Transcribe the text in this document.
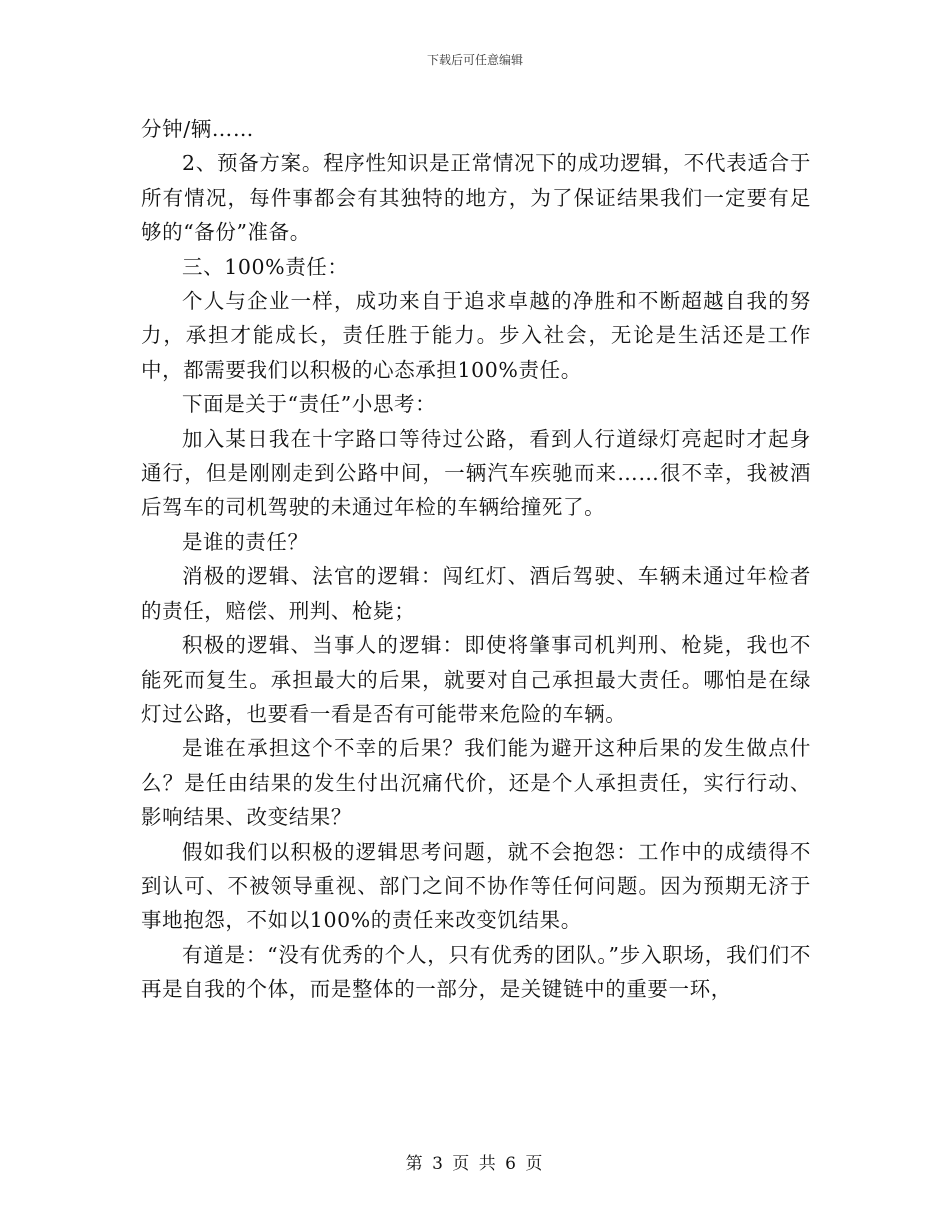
下载后可任意编辑

分钟/辆……

2、预备方案。程序性知识是正常情况下的成功逻辑，不代表适合于所有情况，每件事都会有其独特的地方，为了保证结果我们一定要有足够的“备份”准备。

三、100%责任：

个人与企业一样，成功来自于追求卓越的净胜和不断超越自我的努力，承担才能成长，责任胜于能力。步入社会，无论是生活还是工作中，都需要我们以积极的心态承担100%责任。

下面是关于“责任”小思考：

加入某日我在十字路口等待过公路，看到人行道绿灯亮起时才起身通行，但是刚刚走到公路中间，一辆汽车疾驰而来……很不幸，我被酒后驾车的司机驾驶的未通过年检的车辆给撞死了。

是谁的责任？

消极的逻辑、法官的逻辑：闯红灯、酒后驾驶、车辆未通过年检者的责任，赔偿、刑判、枪毙；

积极的逻辑、当事人的逻辑：即使将肇事司机判刑、枪毙，我也不能死而复生。承担最大的后果，就要对自己承担最大责任。哪怕是在绿灯过公路，也要看一看是否有可能带来危险的车辆。

是谁在承担这个不幸的后果？我们能为避开这种后果的发生做点什么？是任由结果的发生付出沉痛代价，还是个人承担责任，实行行动、影响结果、改变结果？

假如我们以积极的逻辑思考问题，就不会抱怨：工作中的成绩得不到认可、不被领导重视、部门之间不协作等任何问题。因为预期无济于事地抱怨，不如以100%的责任来改变饥结果。

有道是：“没有优秀的个人，只有优秀的团队。”步入职场，我们们不再是自我的个体，而是整体的一部分，是关键链中的重要一环，

第 3 页 共 6 页
